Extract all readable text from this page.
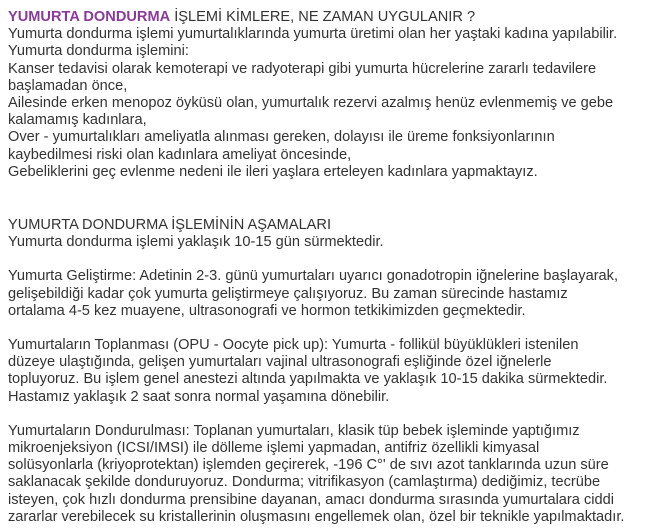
YUMURTA DONDURMA İŞLEMİ KİMLERE, NE ZAMAN UYGULANIR ?

Yumurta dondurma işlemi yumurtalıklarında yumurta üretimi olan her yaştaki kadına yapılabilir.

Yumurta dondurma işlemini:

Kanser tedavisi olarak kemoterapi ve radyoterapi gibi yumurta hücrelerine zararlı tedavilere

başlamadan önce,

Ailesinde erken menopoz öyküsü olan, yumurtalık rezervi azalmış henüz evlenmemiş ve gebe

kalamamış kadınlara,

Over - yumurtalıkları ameliyatla alınması gereken, dolayısı ile üreme fonksiyonlarının

kaybedilmesi riski olan kadınlara ameliyat öncesinde,

Gebeliklerini geç evlenme nedeni ile ileri yaşlara erteleyen kadınlara yapmaktayız.

YUMURTA DONDURMA İŞLEMİNİN AŞAMALARI

Yumurta dondurma işlemi yaklaşık 10-15 gün sürmektedir.

Yumurta Geliştirme: Adetinin 2-3. günü yumurtaları uyarıcı gonadotropin iğnelerine başlayarak,

gelişebildiği kadar çok yumurta geliştirmeye çalışıyoruz. Bu zaman sürecinde hastamız

ortalama 4-5 kez muayene, ultrasonografi ve hormon tetkikimizden geçmektedir.

Yumurtaların Toplanması (OPU - Oocyte pick up): Yumurta - follikül büyüklükleri istenilen

düzeye ulaştığında, gelişen yumurtaları vajinal ultrasonografi eşliğinde özel iğnelerle

topluyoruz. Bu işlem genel anestezi altında yapılmakta ve yaklaşık 10-15 dakika sürmektedir.

Hastamız yaklaşık 2 saat sonra normal yaşamına dönebilir.

Yumurtaların Dondurulması: Toplanan yumurtaları, klasik tüp bebek işleminde yaptığımız

mikroenjeksiyon (ICSI/IMSI) ile dölleme işlemi yapmadan, antifriz özellikli kimyasal

solüsyonlarla (kriyoprotektan) işlemden geçirerek, -196 C°' de sıvı azot tanklarında uzun süre

saklanacak şekilde donduruyoruz. Dondurma; vitrifikasyon (camlaştırma) dediğimiz, tecrübe

isteyen, çok hızlı dondurma prensibine dayanan, amacı dondurma sırasında yumurtalara ciddi

zararlar verebilecek su kristallerinin oluşmasını engellemek olan, özel bir teknikle yapılmaktadır.
